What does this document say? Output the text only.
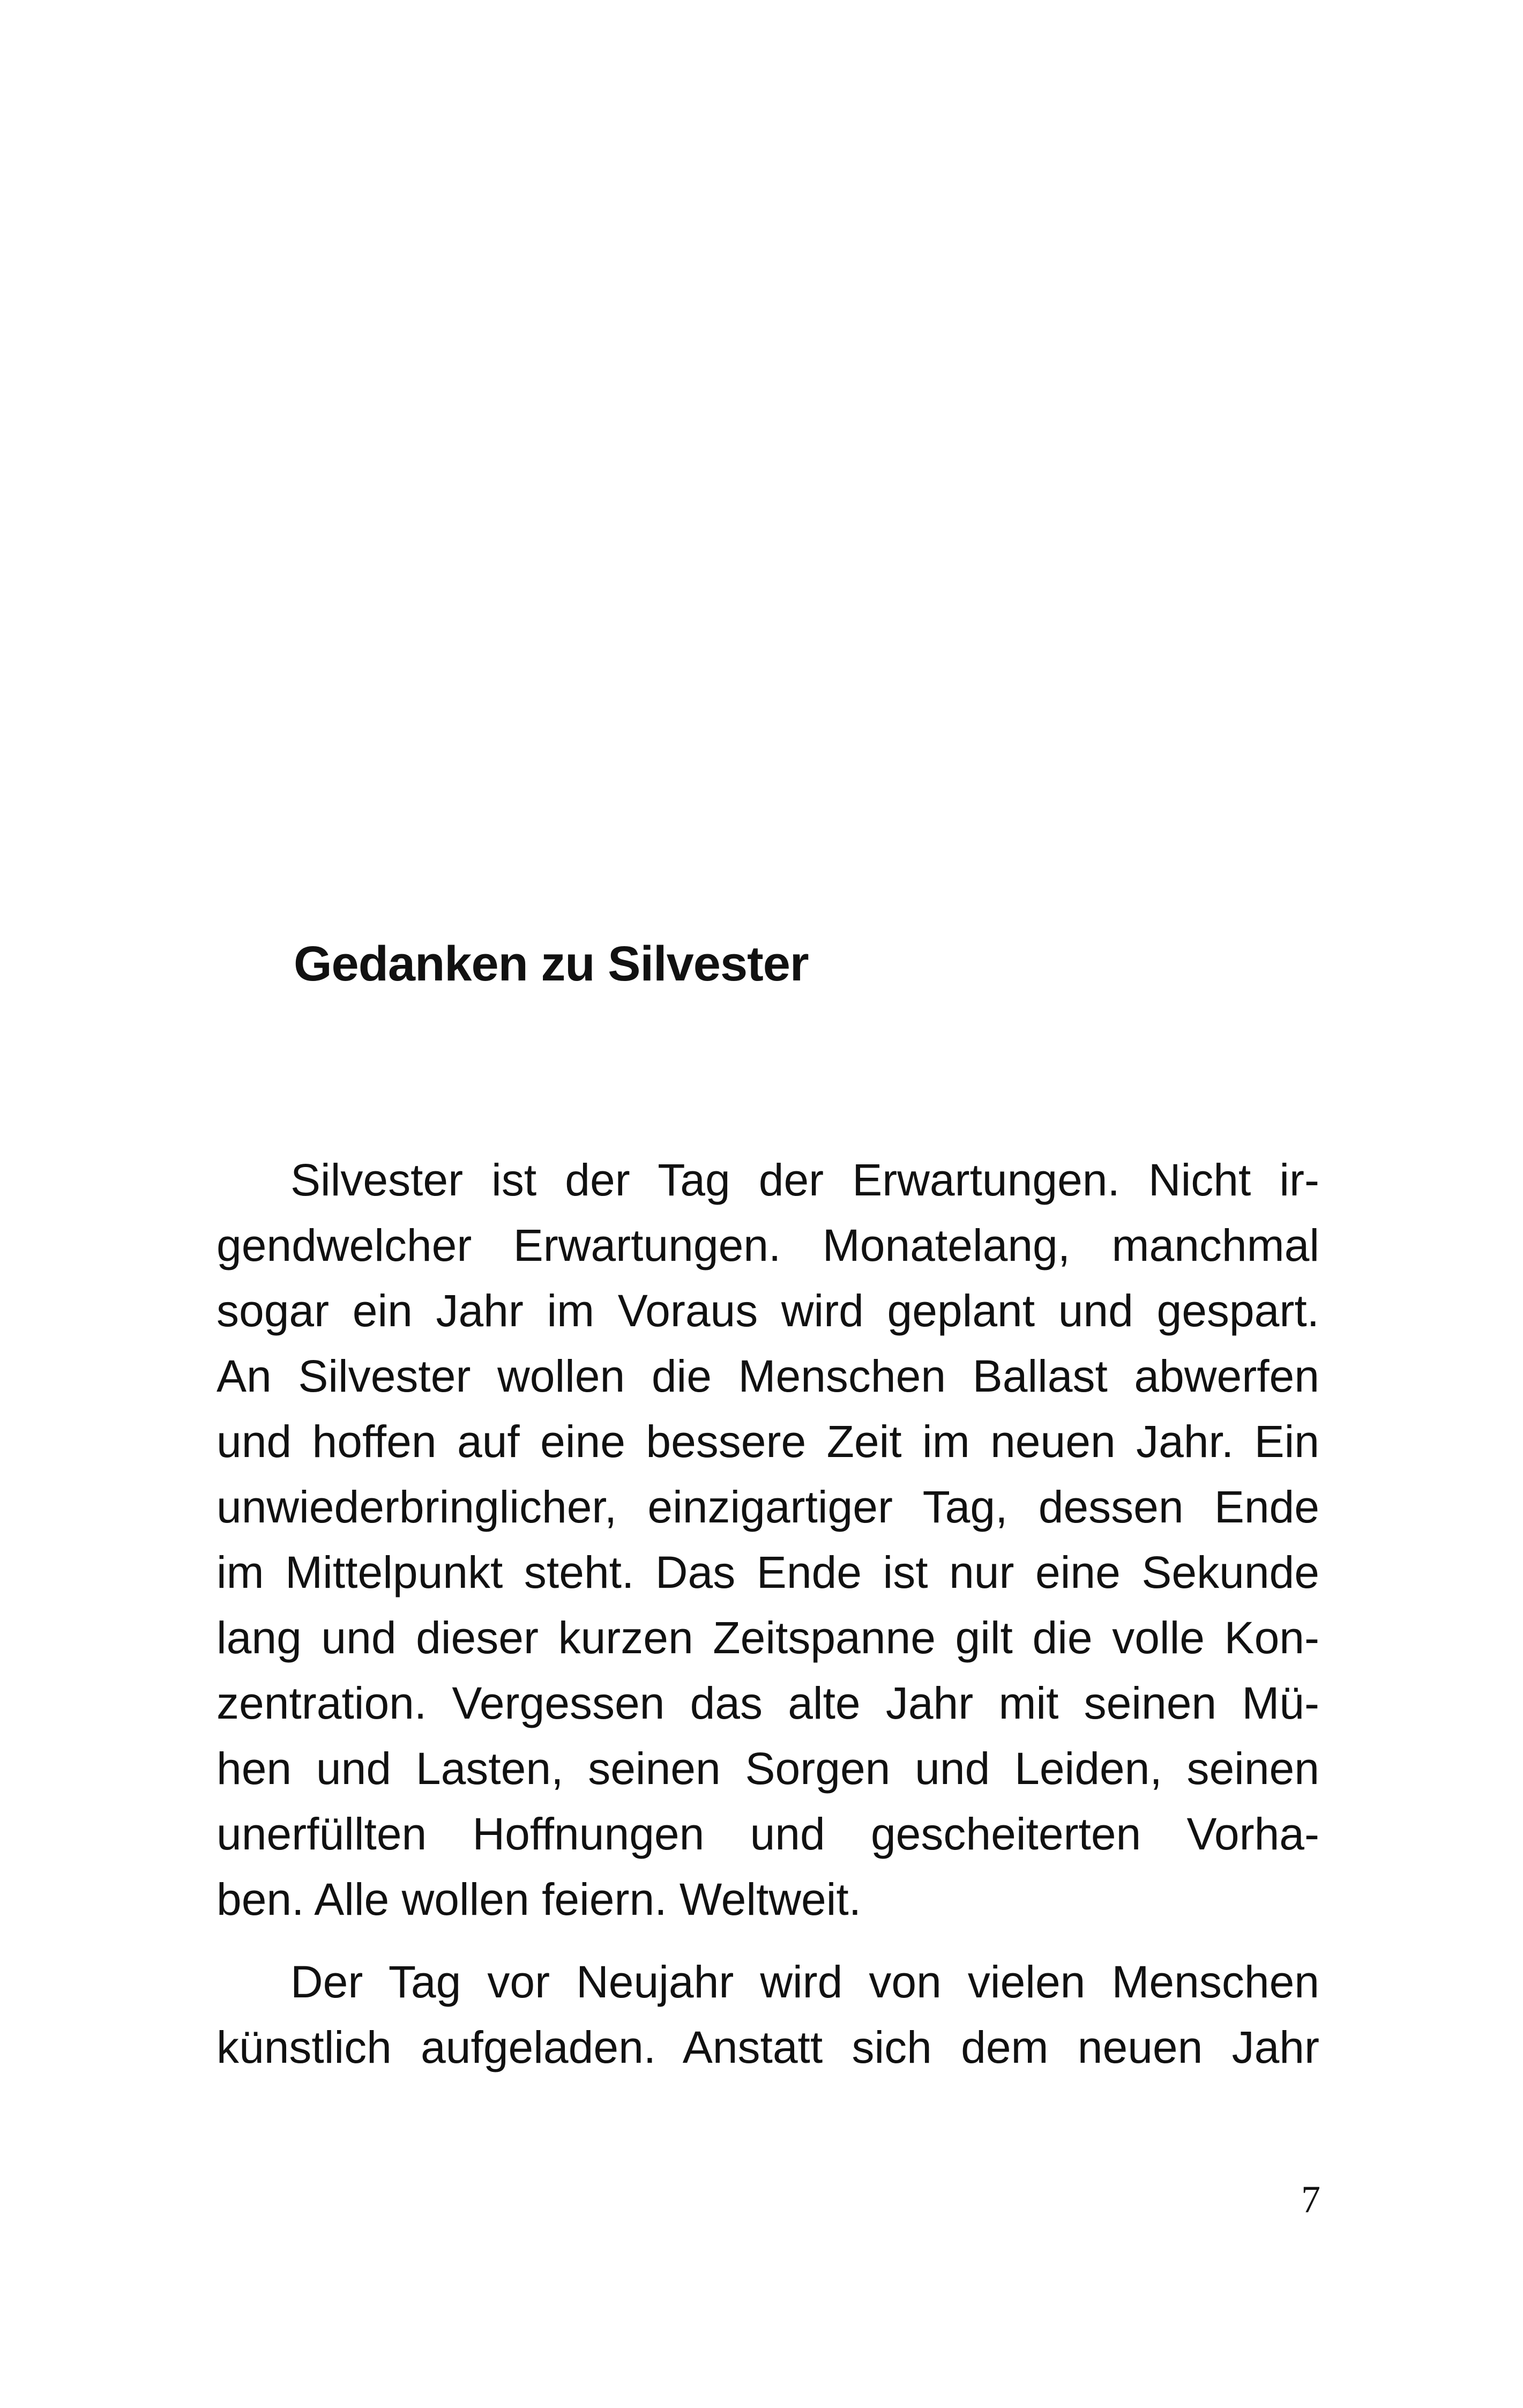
Gedanken zu Silvester
Silvester ist der Tag der Erwartungen. Nicht ir-
gendwelcher Erwartungen. Monatelang, manchmal
sogar ein Jahr im Voraus wird geplant und gespart.
An Silvester wollen die Menschen Ballast abwerfen
und hoffen auf eine bessere Zeit im neuen Jahr. Ein
unwiederbringlicher, einzigartiger Tag, dessen Ende
im Mittelpunkt steht. Das Ende ist nur eine Sekunde
lang und dieser kurzen Zeitspanne gilt die volle Kon-
zentration. Vergessen das alte Jahr mit seinen Mü-
hen und Lasten, seinen Sorgen und Leiden, seinen
unerfüllten Hoffnungen und gescheiterten Vorha-
ben. Alle wollen feiern. Weltweit.
Der Tag vor Neujahr wird von vielen Menschen
künstlich aufgeladen. Anstatt sich dem neuen Jahr
7
